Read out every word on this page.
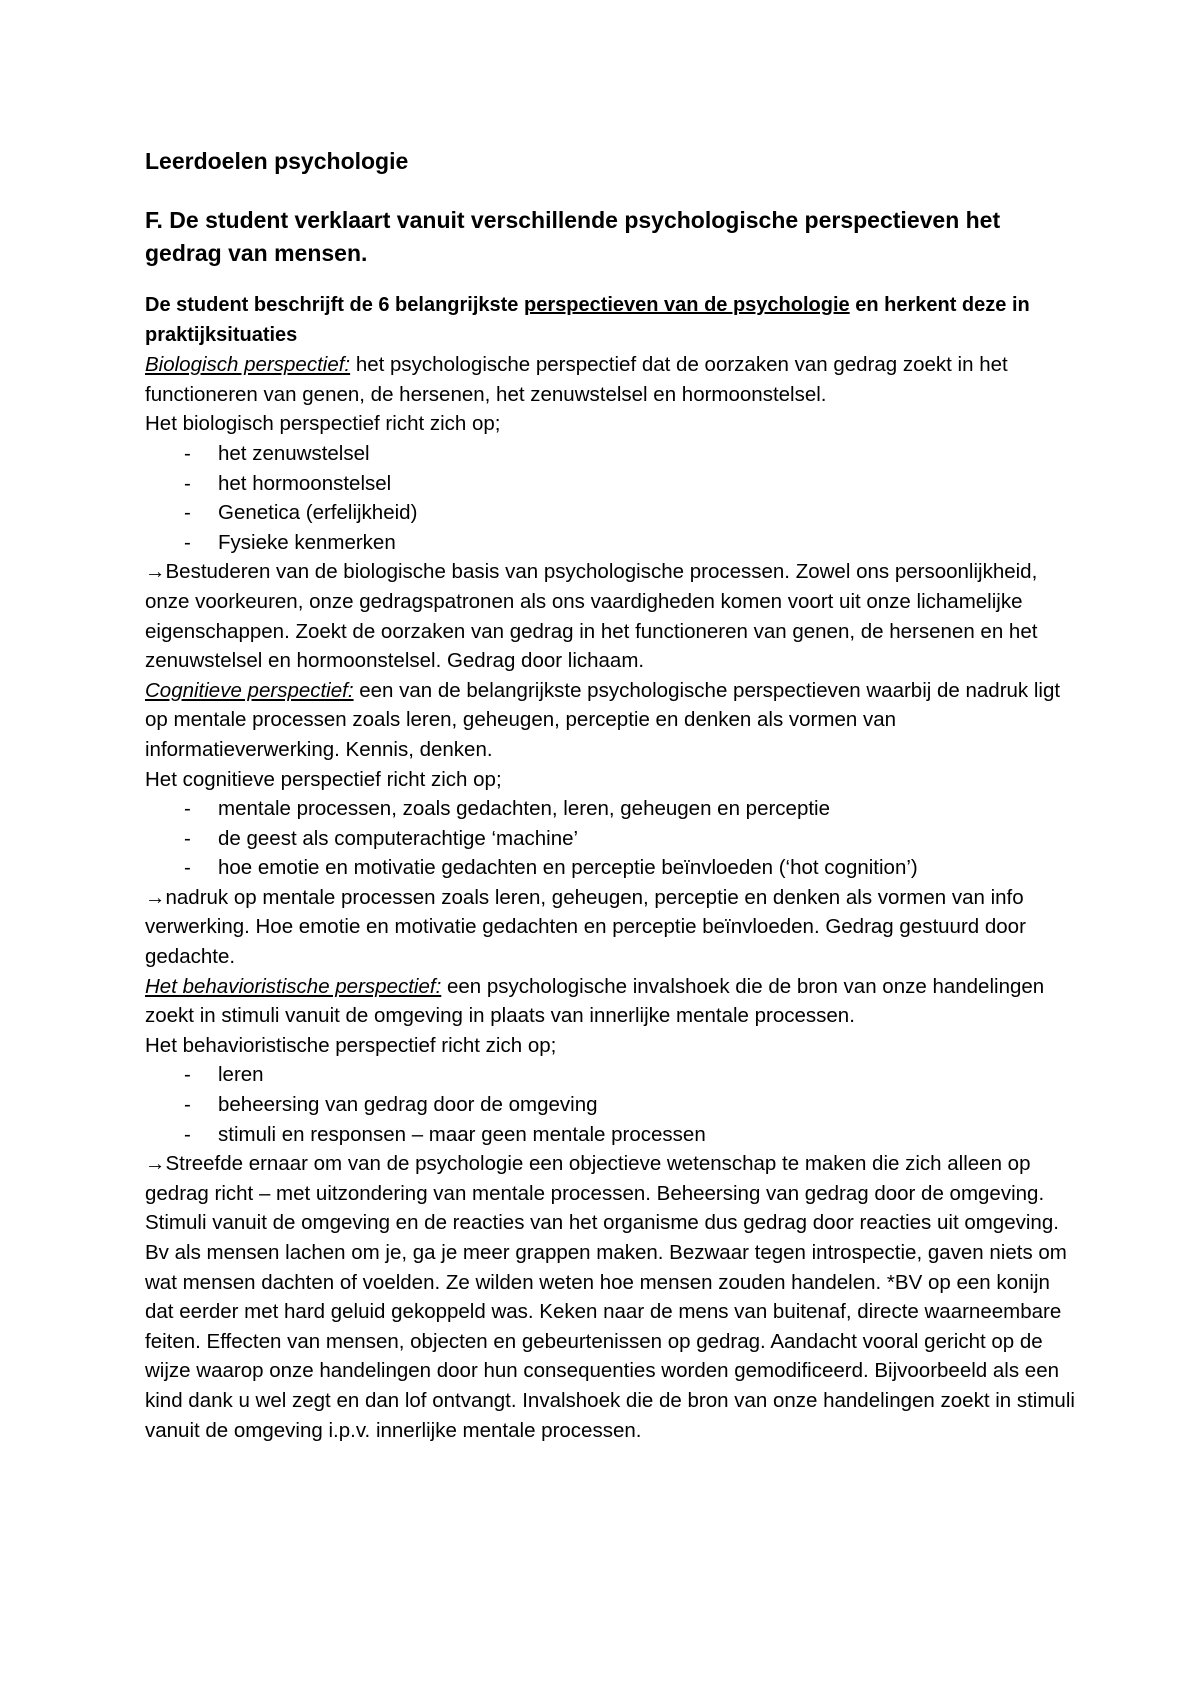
Leerdoelen psychologie

F. De student verklaart vanuit verschillende psychologische perspectieven het gedrag van mensen.

De student beschrijft de 6 belangrijkste perspectieven van de psychologie en herkent deze in praktijksituaties

Biologisch perspectief: het psychologische perspectief dat de oorzaken van gedrag zoekt in het functioneren van genen, de hersenen, het zenuwstelsel en hormoonstelsel.

Het biologisch perspectief richt zich op;

- het zenuwstelsel
- het hormoonstelsel
- Genetica (erfelijkheid)
- Fysieke kenmerken

→Bestuderen van de biologische basis van psychologische processen. Zowel ons persoonlijkheid, onze voorkeuren, onze gedragspatronen als ons vaardigheden komen voort uit onze lichamelijke eigenschappen. Zoekt de oorzaken van gedrag in het functioneren van genen, de hersenen en het zenuwstelsel en hormoonstelsel. Gedrag door lichaam.

Cognitieve perspectief: een van de belangrijkste psychologische perspectieven waarbij de nadruk ligt op mentale processen zoals leren, geheugen, perceptie en denken als vormen van informatieverwerking. Kennis, denken.

Het cognitieve perspectief richt zich op;

- mentale processen, zoals gedachten, leren, geheugen en perceptie
- de geest als computerachtige ‘machine’
- hoe emotie en motivatie gedachten en perceptie beïnvloeden (‘hot cognition’)

→nadruk op mentale processen zoals leren, geheugen, perceptie en denken als vormen van info verwerking. Hoe emotie en motivatie gedachten en perceptie beïnvloeden. Gedrag gestuurd door gedachte.

Het behavioristische perspectief: een psychologische invalshoek die de bron van onze handelingen zoekt in stimuli vanuit de omgeving in plaats van innerlijke mentale processen.

Het behavioristische perspectief richt zich op;

- leren
- beheersing van gedrag door de omgeving
- stimuli en responsen – maar geen mentale processen

→Streefde ernaar om van de psychologie een objectieve wetenschap te maken die zich alleen op gedrag richt – met uitzondering van mentale processen. Beheersing van gedrag door de omgeving. Stimuli vanuit de omgeving en de reacties van het organisme dus gedrag door reacties uit omgeving. Bv als mensen lachen om je, ga je meer grappen maken. Bezwaar tegen introspectie, gaven niets om wat mensen dachten of voelden. Ze wilden weten hoe mensen zouden handelen. *BV op een konijn dat eerder met hard geluid gekoppeld was. Keken naar de mens van buitenaf, directe waarneembare feiten. Effecten van mensen, objecten en gebeurtenissen op gedrag. Aandacht vooral gericht op de wijze waarop onze handelingen door hun consequenties worden gemodificeerd. Bijvoorbeeld als een kind dank u wel zegt en dan lof ontvangt. Invalshoek die de bron van onze handelingen zoekt in stimuli vanuit de omgeving i.p.v. innerlijke mentale processen.
